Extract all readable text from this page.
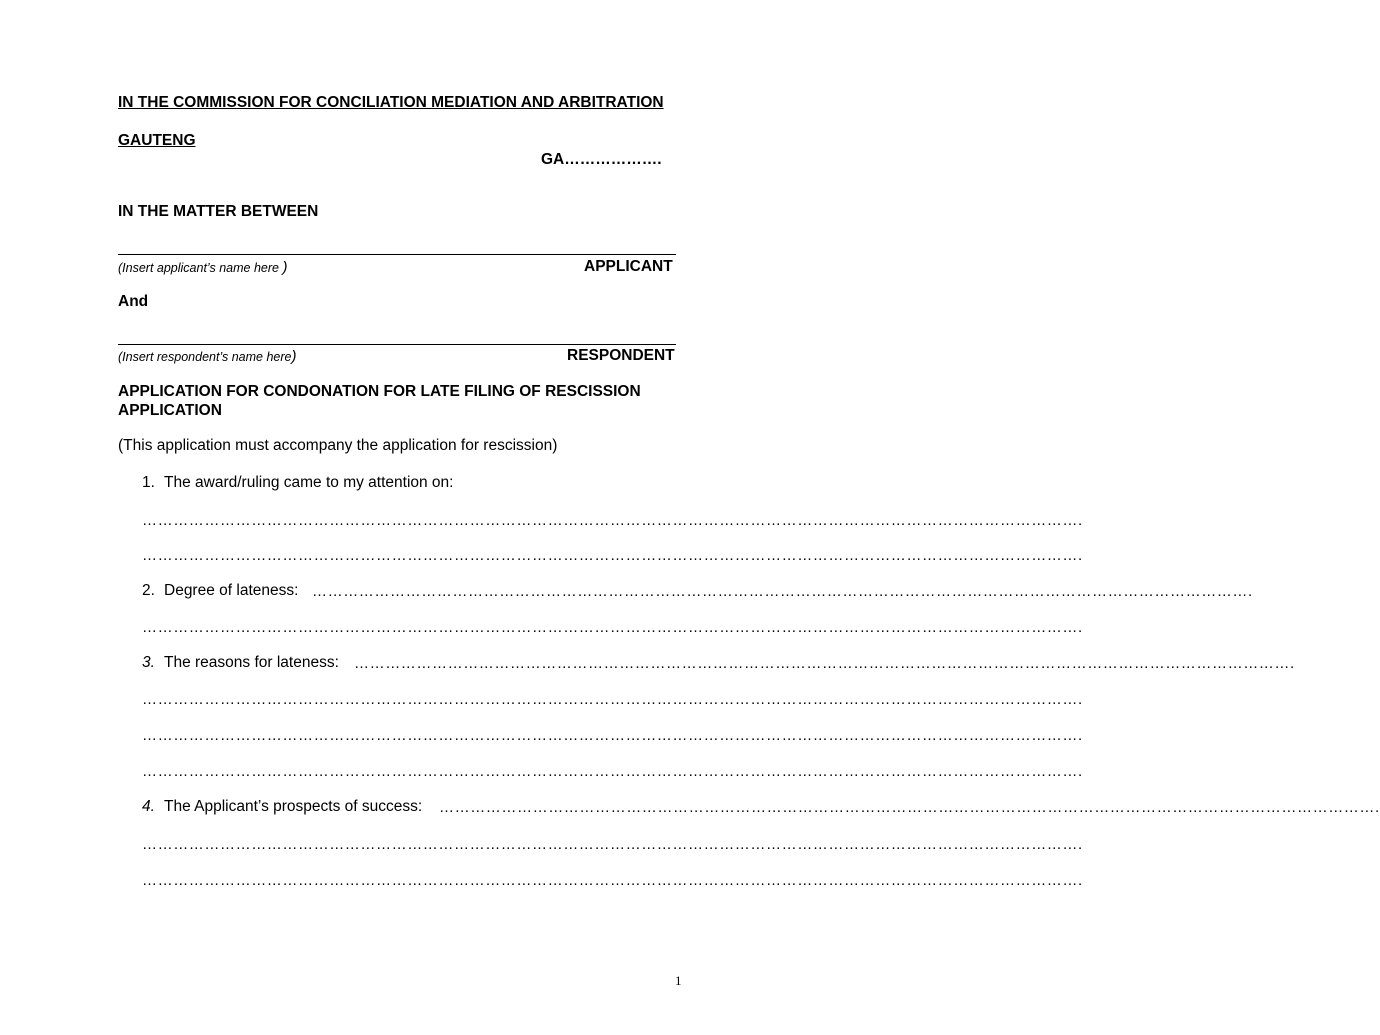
IN THE COMMISSION FOR CONCILIATION MEDIATION AND ARBITRATION
GAUTENG
GA……………….
IN THE MATTER BETWEEN
(Insert applicant’s name here )	APPLICANT
And
(Insert respondent’s name here)	RESPONDENT
APPLICATION FOR CONDONATION FOR LATE FILING OF RESCISSION
APPLICATION
(This application must accompany the application for rescission)
1. The award/ruling came to my attention on:
……………………………………………………………………………………………………………………………………………………………….
……………………………………………………………………………………………………………………………………………………………….
2. Degree of lateness: ……………………………………………………………………………………………………………………………………………………………….
……………………………………………………………………………………………………………………………………………………………….
3. The reasons for lateness: ……………………………………………………………………………………………………………………………………………………………….
……………………………………………………………………………………………………………………………………………………………….
……………………………………………………………………………………………………………………………………………………………….
……………………………………………………………………………………………………………………………………………………………….
4. The Applicant’s prospects of success: ……………………………………………………………………………………………………………………………………………………………….
……………………………………………………………………………………………………………………………………………………………….
……………………………………………………………………………………………………………………………………………………………….
1
